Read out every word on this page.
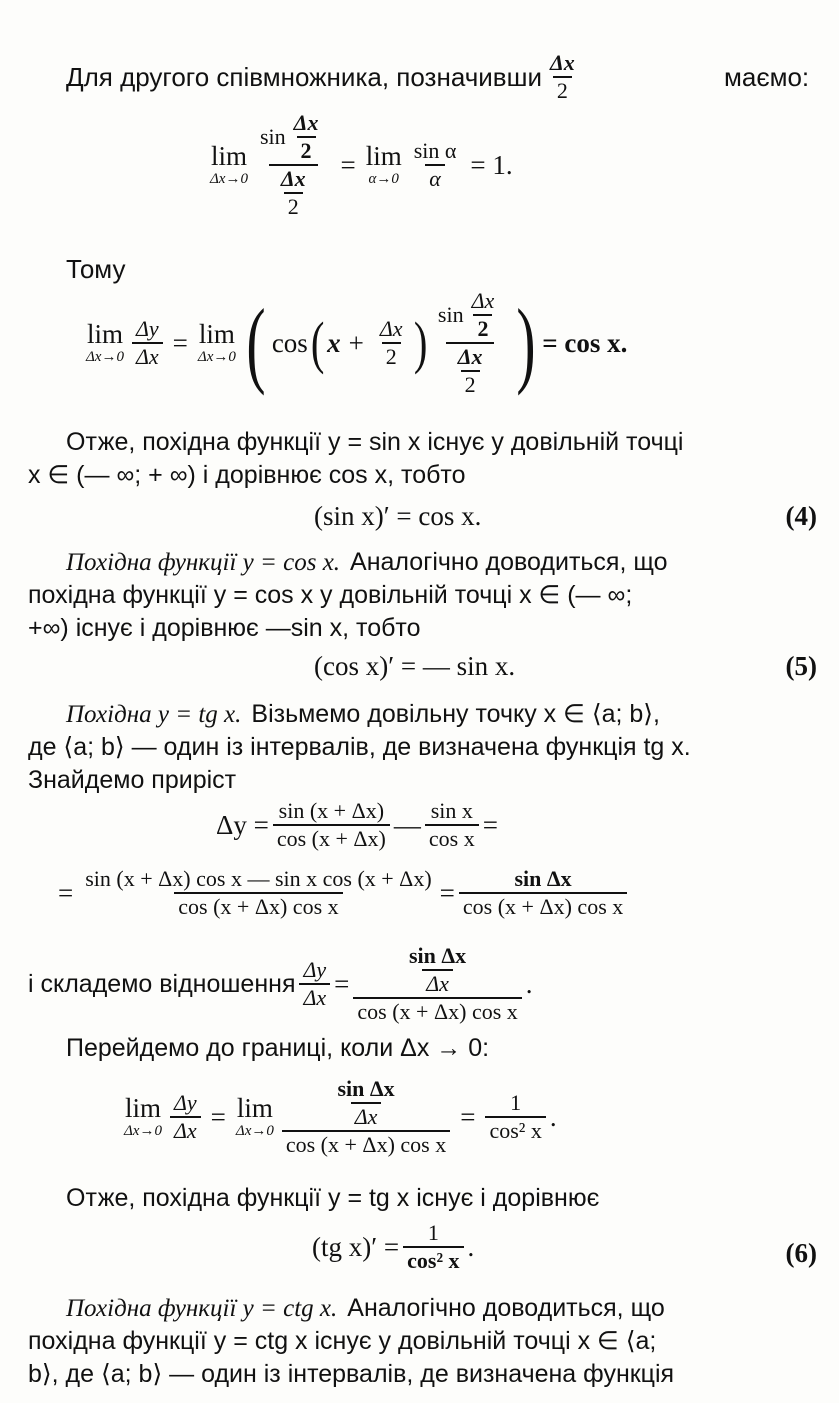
Для другого співмножника, позначивши $\frac{\Delta x}{2}$	маємо:
lim
$\Delta x\to 0 \frac{\sin \frac{\Delta x}{2}}{\frac{\Delta x}{2}} = \lim$
$\alpha\to 0 \frac{\text{sin α}}{\alpha} = 1$.
Тому
lim
$\Delta x\to 0 \frac{\Delta y}{\Delta x} = \lim$
Δx→0 ( cos ( $x + \frac{\Delta x}{2}$ ) $\frac{\sin \frac{\Delta x}{2}}{\frac{\Delta x}{2}}$ ) = cos x.
Отже, похідна функції y = sin x існує у довільній точці
x ∈ (— ∞; + ∞) і дорівнює cos x, тобто
(sin x)′ = cos x.	(4)
Похідна функції y = cos x. Аналогічно доводиться, що
похідна функції y = cos x у довільній точці x ∈ (— ∞;
+∞) існує і дорівнює —sin x, тобто
(cos x)′ = — sin x.	(5)
Похідна y = tg x. Візьмемо довільну точку x ∈ ⟨a; b⟩,
де ⟨a; b⟩ — один із інтервалів, де визначена функція tg x.
Знайдемо приріст
$\Delta y = \frac{\sin (x + \Delta x)}{\cos (x + \Delta x)}$ — $\frac{\text{sin x}}{\text{cos x}}$ =
= $\frac{\text{sin (x + Δx) cos x — sin x cos (x + Δx)}}{\text{cos (x + Δx) cos x}} = \frac{\text{sin Δx}}{\text{cos (x + Δx) cos x}}$
і складемо відношення $\frac{\Delta y}{\Delta x} = \frac{\frac{\text{sin Δx}}{\Delta x}}{\text{cos (x + Δx) cos x}}$ .
Перейдемо до границі, коли Δx → 0:
lim
$\Delta x\to 0 \frac{\Delta y}{\Delta x} = \lim$
$\Delta x\to 0 \frac{\frac{\text{sin Δx}}{\Delta x}}{\text{cos (x + Δx) cos x}} = \frac{1}{\text{cos² x}}$ .
Отже, похідна функції y = tg x існує і дорівнює
(tg $x)' = \frac{1}{\text{cos² x}}$ .	(6)
Похідна функції y = ctg x. Аналогічно доводиться, що
похідна функції y = ctg x існує у довільній точці x ∈ ⟨a;
b⟩, де ⟨a; b⟩ — один із інтервалів, де визначена функція
